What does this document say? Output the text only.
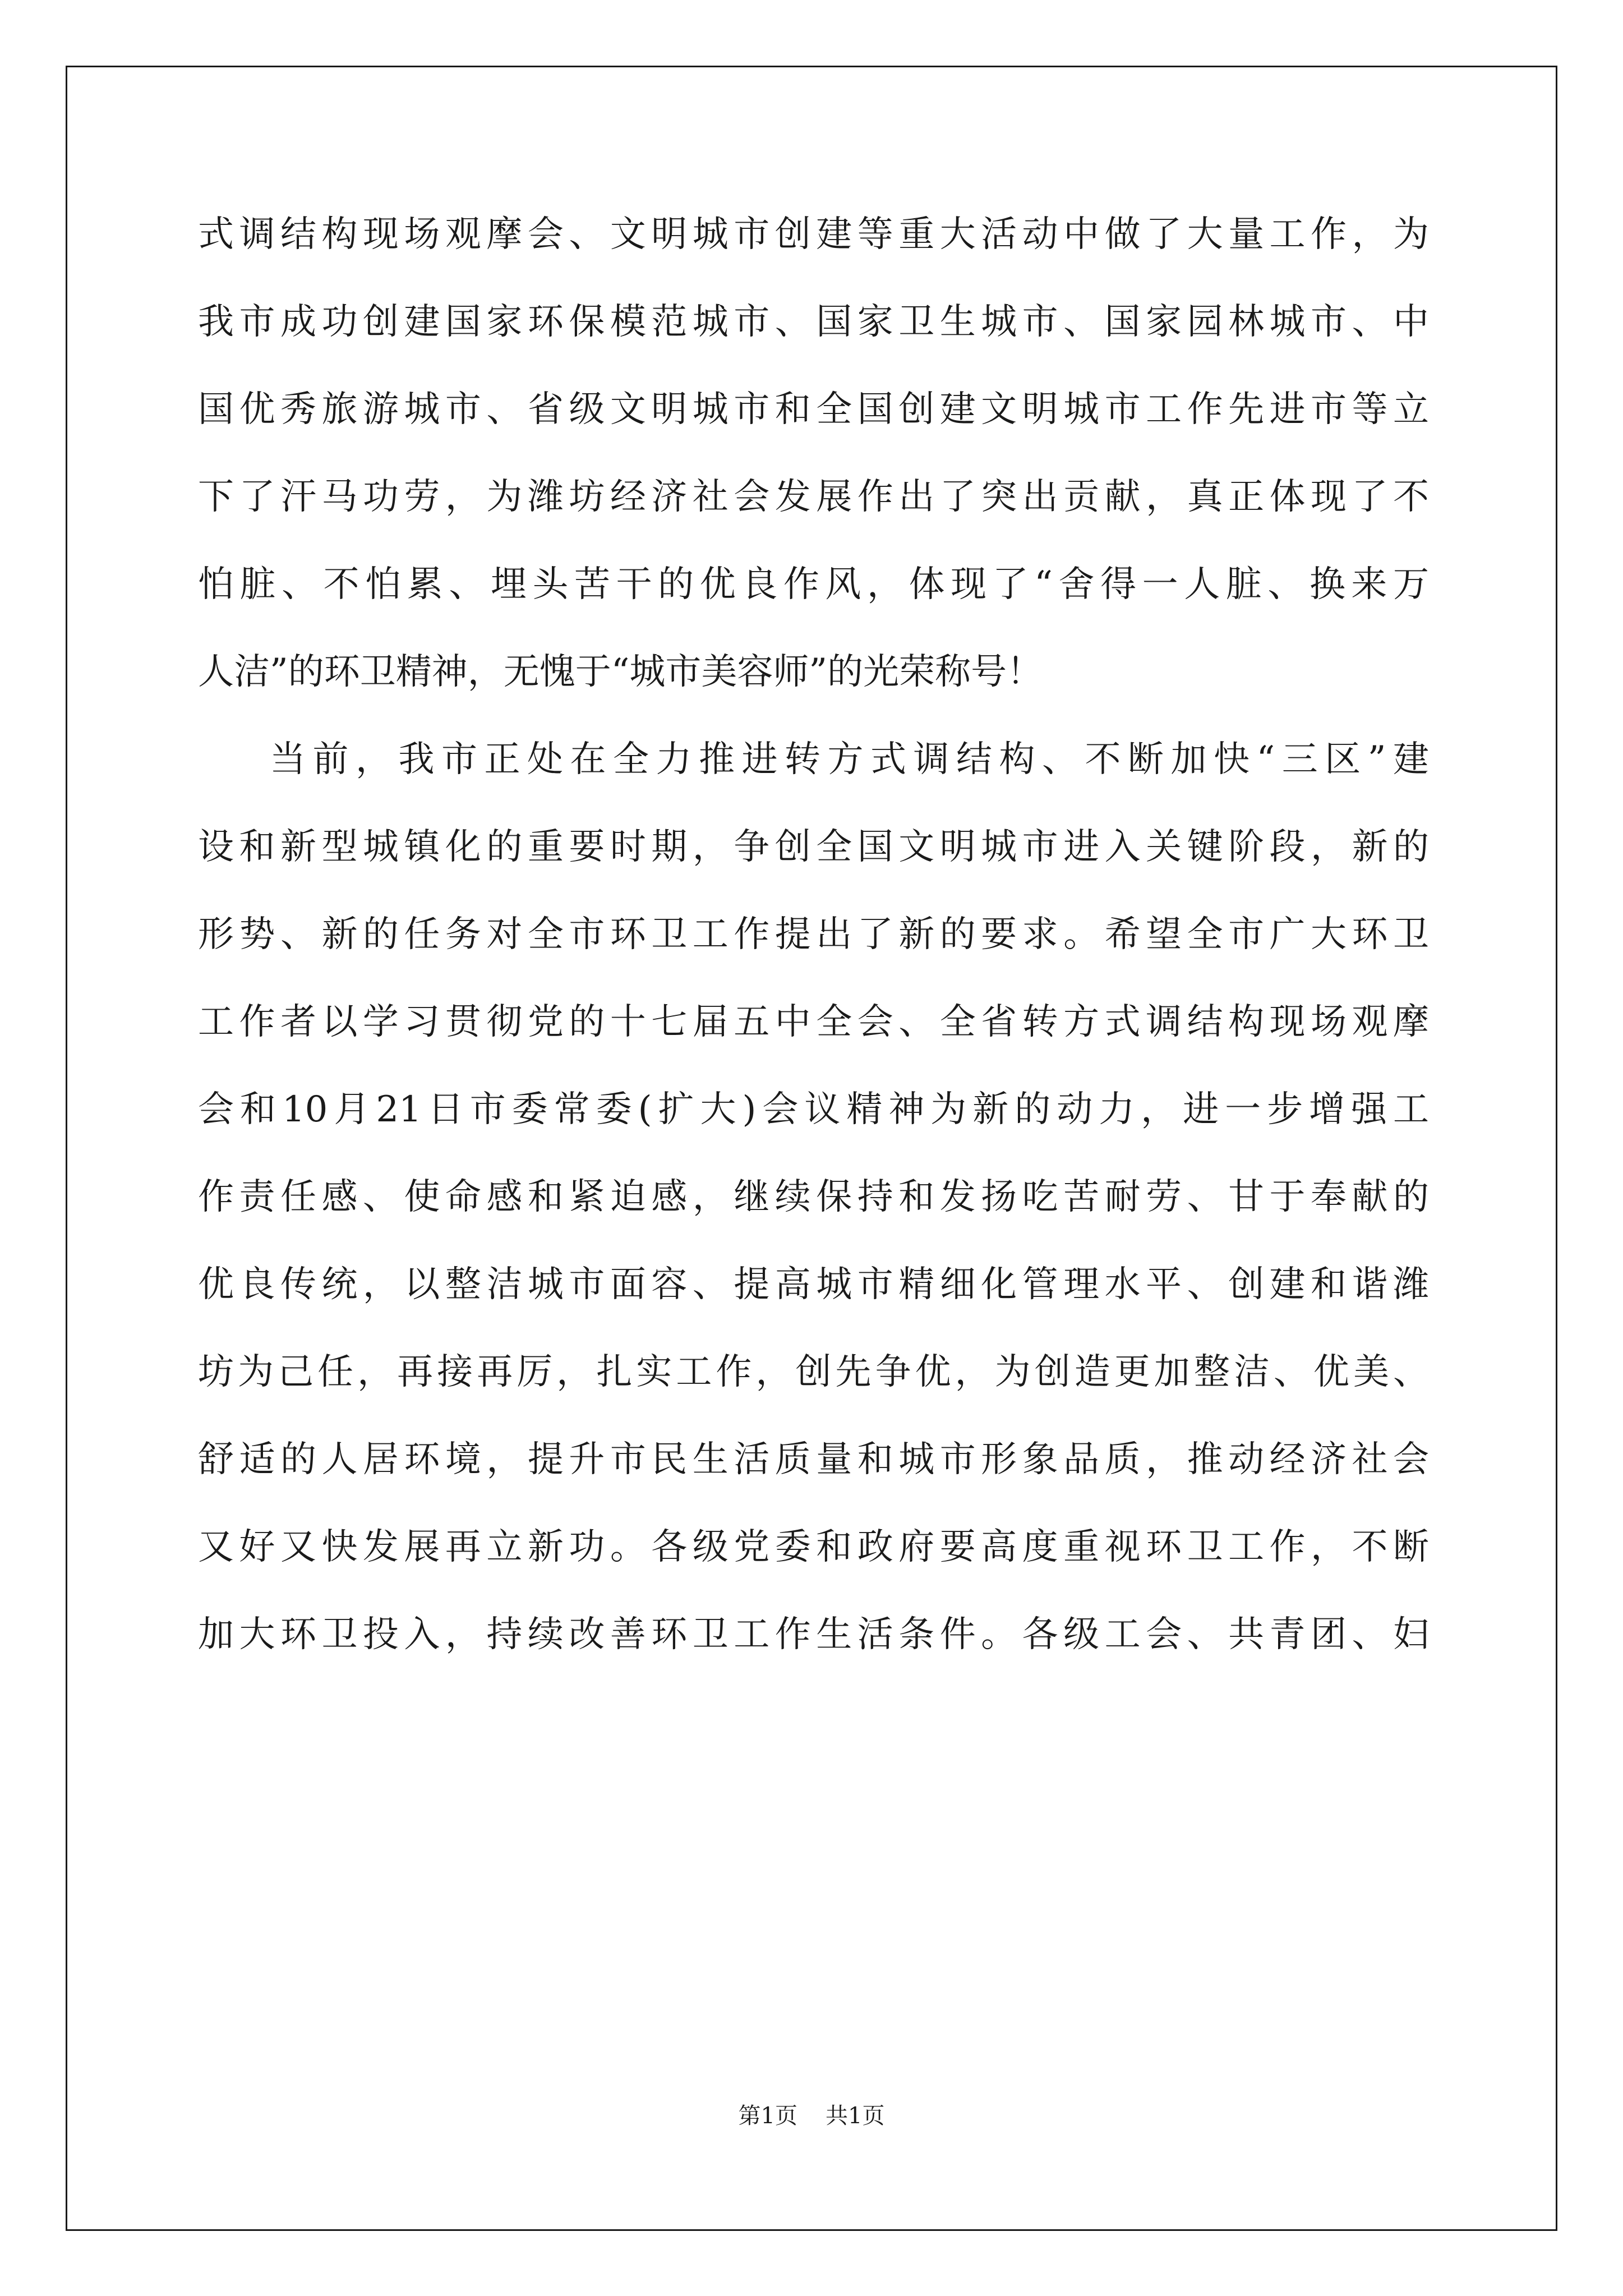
式调结构现场观摩会、文明城市创建等重大活动中做了大量工作，为
我市成功创建国家环保模范城市、国家卫生城市、国家园林城市、中
国优秀旅游城市、省级文明城市和全国创建文明城市工作先进市等立
下了汗马功劳，为潍坊经济社会发展作出了突出贡献，真正体现了不
怕脏、不怕累、埋头苦干的优良作风，体现了“舍得一人脏、换来万
人洁”的环卫精神，无愧于“城市美容师”的光荣称号！
当前，我市正处在全力推进转方式调结构、不断加快“三区”建
设和新型城镇化的重要时期，争创全国文明城市进入关键阶段，新的
形势、新的任务对全市环卫工作提出了新的要求。希望全市广大环卫
工作者以学习贯彻党的十七届五中全会、全省转方式调结构现场观摩
会和10月21日市委常委(扩大)会议精神为新的动力，进一步增强工
作责任感、使命感和紧迫感，继续保持和发扬吃苦耐劳、甘于奉献的
优良传统，以整洁城市面容、提高城市精细化管理水平、创建和谐潍
坊为己任，再接再厉，扎实工作，创先争优，为创造更加整洁、优美、
舒适的人居环境，提升市民生活质量和城市形象品质，推动经济社会
又好又快发展再立新功。各级党委和政府要高度重视环卫工作，不断
加大环卫投入，持续改善环卫工作生活条件。各级工会、共青团、妇
第1页 共1页
